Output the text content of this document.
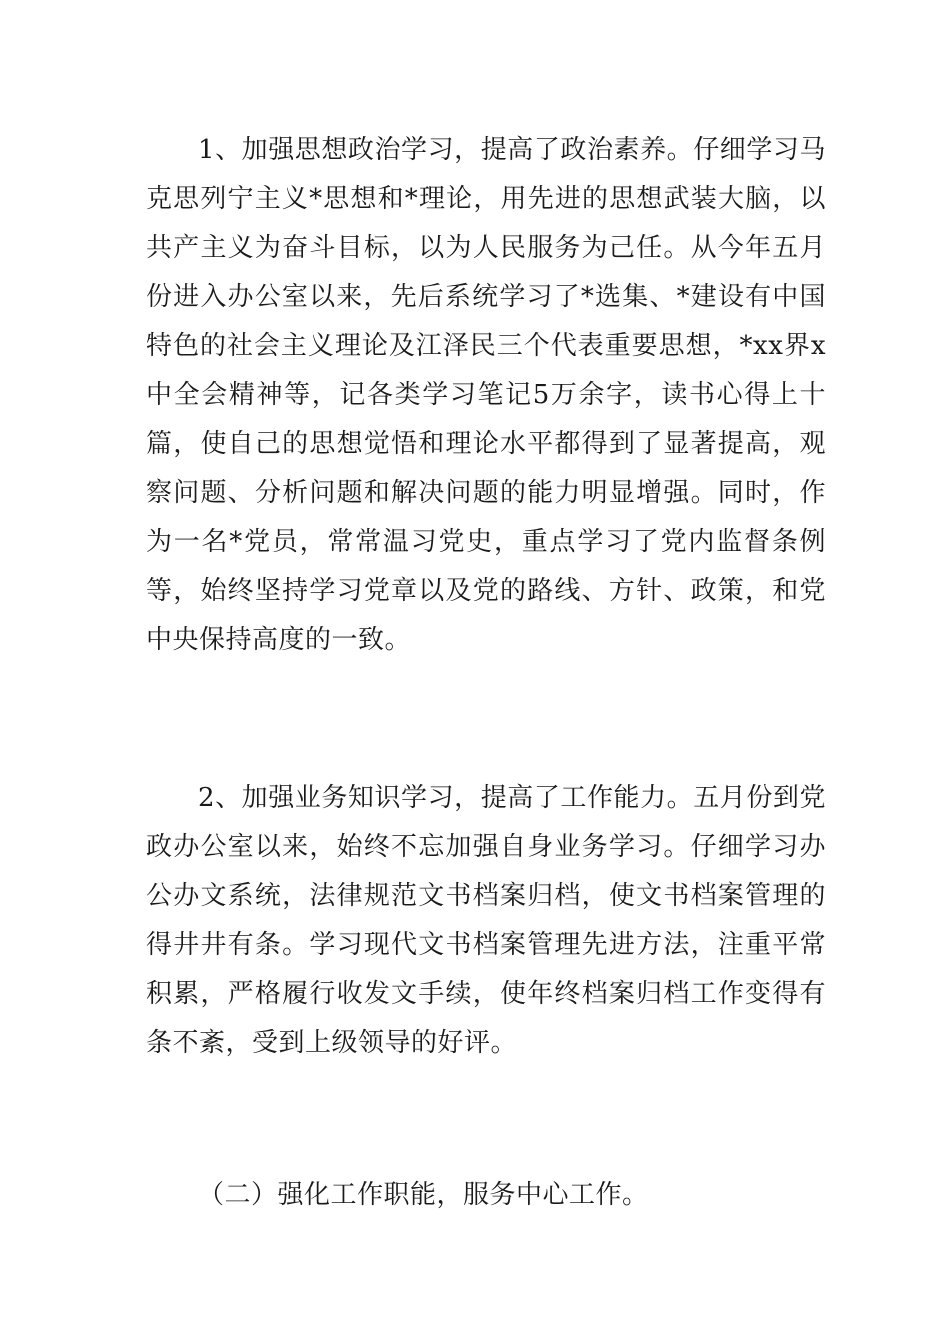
1、加强思想政治学习，提高了政治素养。仔细学习马克思列宁主义*思想和*理论，用先进的思想武装大脑，以共产主义为奋斗目标，以为人民服务为己任。从今年五月份进入办公室以来，先后系统学习了*选集、*建设有中国特色的社会主义理论及江泽民三个代表重要思想，*xx界x中全会精神等，记各类学习笔记5万余字，读书心得上十篇，使自己的思想觉悟和理论水平都得到了显著提高，观察问题、分析问题和解决问题的能力明显增强。同时，作为一名*党员，常常温习党史，重点学习了党内监督条例等，始终坚持学习党章以及党的路线、方针、政策，和党中央保持高度的一致。

2、加强业务知识学习，提高了工作能力。五月份到党政办公室以来，始终不忘加强自身业务学习。仔细学习办公办文系统，法律规范文书档案归档，使文书档案管理的得井井有条。学习现代文书档案管理先进方法，注重平常积累，严格履行收发文手续，使年终档案归档工作变得有条不紊，受到上级领导的好评。

（二）强化工作职能，服务中心工作。
